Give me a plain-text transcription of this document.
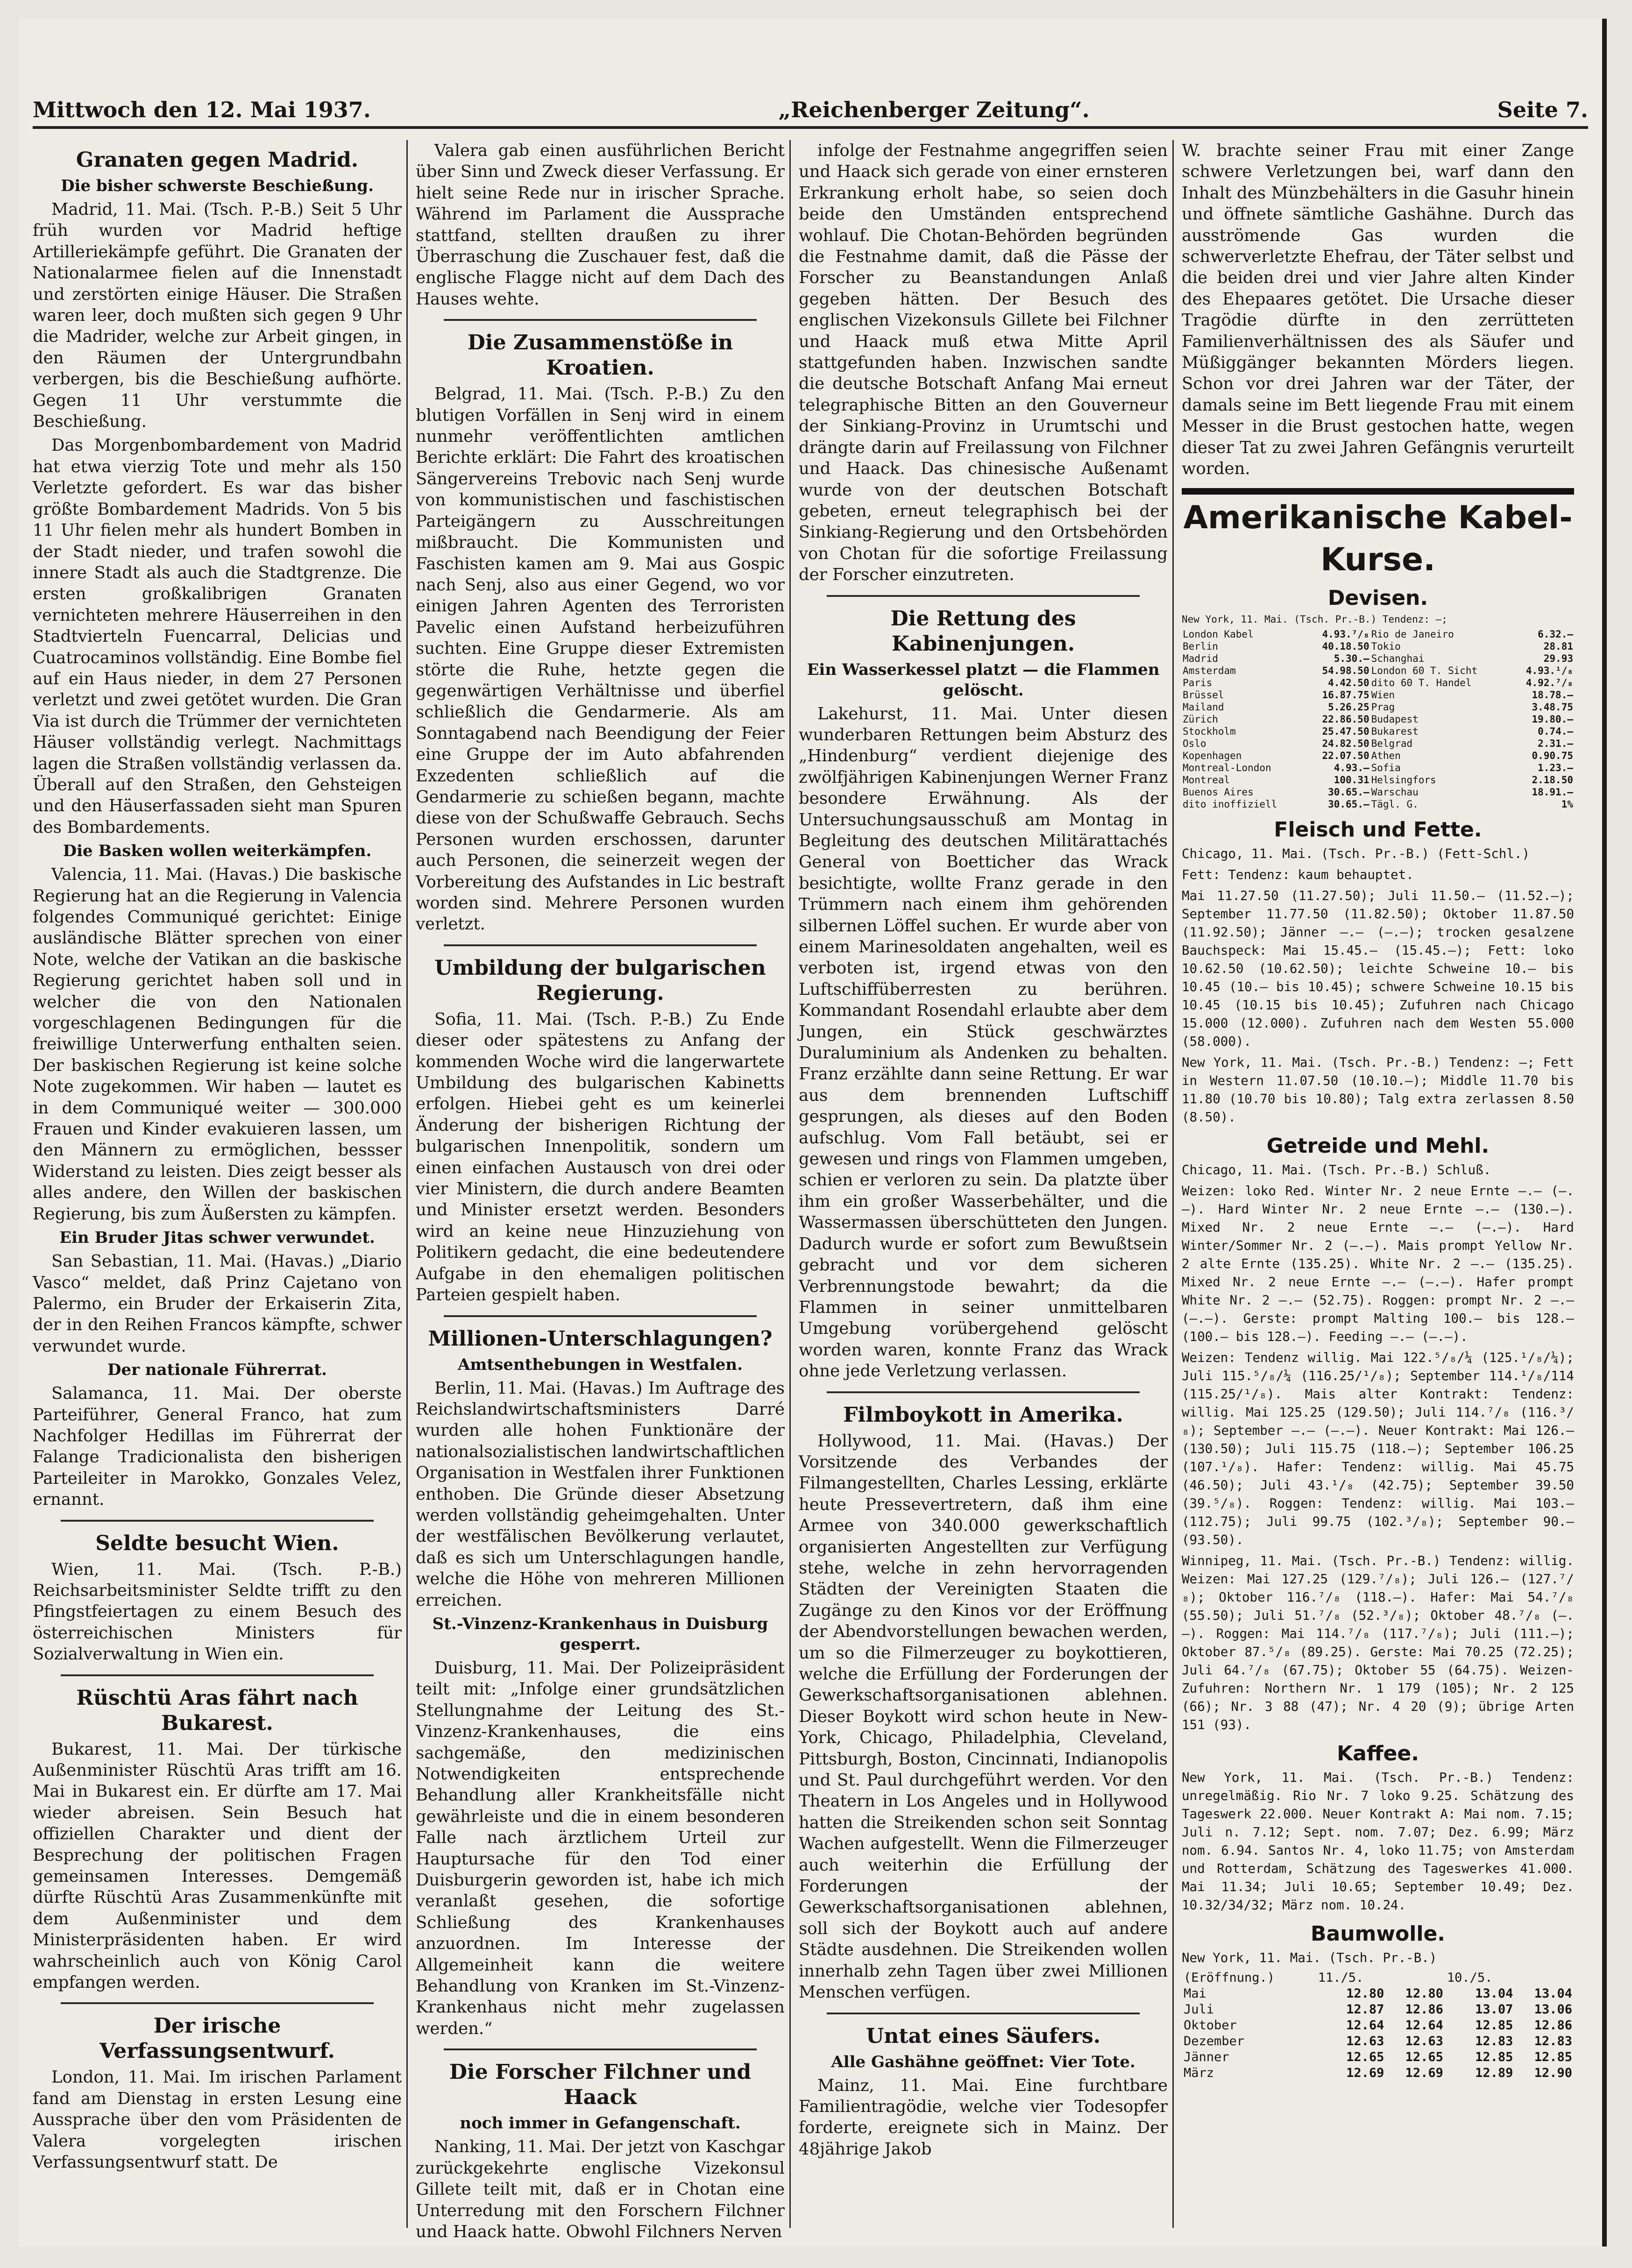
Mittwoch den 12. Mai 1937.	„Reichenberger Zeitung“.	Seite 7.
Granaten gegen Madrid.
Die bisher schwerste Beschießung.

Madrid, 11. Mai. (Tsch. P.-B.) Seit 5 Uhr früh wurden vor Madrid heftige Artilleriekämpfe geführt. Die Granaten der Nationalarmee fielen auf die Innenstadt und zerstörten einige Häuser. Die Straßen waren leer, doch mußten sich gegen 9 Uhr die Madrider, welche zur Arbeit gingen, in den Räumen der Untergrundbahn verbergen, bis die Beschießung aufhörte. Gegen 11 Uhr verstummte die Beschießung.

Das Morgenbombardement von Madrid hat etwa vierzig Tote und mehr als 150 Verletzte gefordert. Es war das bisher größte Bombardement Madrids. Von 5 bis 11 Uhr fielen mehr als hundert Bomben in der Stadt nieder, und trafen sowohl die innere Stadt als auch die Stadtgrenze. Die ersten großkalibrigen Granaten vernichteten mehrere Häuserreihen in den Stadtvierteln Fuencarral, Delicias und Cuatrocaminos vollständig. Eine Bombe fiel auf ein Haus nieder, in dem 27 Personen verletzt und zwei getötet wurden. Die Gran Via ist durch die Trümmer der vernichteten Häuser vollständig verlegt. Nachmittags lagen die Straßen vollständig verlassen da. Überall auf den Straßen, den Gehsteigen und den Häuserfassaden sieht man Spuren des Bombardements.

Die Basken wollen weiterkämpfen.

Valencia, 11. Mai. (Havas.) Die baskische Regierung hat an die Regierung in Valencia folgendes Communiqué gerichtet: Einige ausländische Blätter sprechen von einer Note, welche der Vatikan an die baskische Regierung gerichtet haben soll und in welcher die von den Nationalen vorgeschlagenen Bedingungen für die freiwillige Unterwerfung enthalten seien. Der baskischen Regierung ist keine solche Note zugekommen. Wir haben — lautet es in dem Communiqué weiter — 300.000 Frauen und Kinder evakuieren lassen, um den Männern zu ermöglichen, bessser Widerstand zu leisten. Dies zeigt besser als alles andere, den Willen der baskischen Regierung, bis zum Äußersten zu kämpfen.

Ein Bruder Jitas schwer verwundet.

San Sebastian, 11. Mai. (Havas.) „Diario Vasco“ meldet, daß Prinz Cajetano von Palermo, ein Bruder der Erkaiserin Zita, der in den Reihen Francos kämpfte, schwer verwundet wurde.

Der nationale Führerrat.

Salamanca, 11. Mai. Der oberste Parteiführer, General Franco, hat zum Nachfolger Hedillas im Führerrat der Falange Tradicionalista den bisherigen Parteileiter in Marokko, Gonzales Velez, ernannt.

Seldte besucht Wien.

Wien, 11. Mai. (Tsch. P.-B.) Reichsarbeitsminister Seldte trifft zu den Pfingstfeiertagen zu einem Besuch des österreichischen Ministers für Sozialverwaltung in Wien ein.

Rüschtü Aras fährt nach Bukarest.

Bukarest, 11. Mai. Der türkische Außenminister Rüschtü Aras trifft am 16. Mai in Bukarest ein. Er dürfte am 17. Mai wieder abreisen. Sein Besuch hat offiziellen Charakter und dient der Besprechung der politischen Fragen gemeinsamen Interesses. Demgemäß dürfte Rüschtü Aras Zusammenkünfte mit dem Außenminister und dem Ministerpräsidenten haben. Er wird wahrscheinlich auch von König Carol empfangen werden.

Der irische Verfassungsentwurf.

London, 11. Mai. Im irischen Parlament fand am Dienstag in ersten Lesung eine Aussprache über den vom Präsidenten de Valera vorgelegten irischen Verfassungsentwurf statt. De

Valera gab einen ausführlichen Bericht über Sinn und Zweck dieser Verfassung. Er hielt seine Rede nur in irischer Sprache. Während im Parlament die Aussprache stattfand, stellten draußen zu ihrer Überraschung die Zuschauer fest, daß die englische Flagge nicht auf dem Dach des Hauses wehte.

Die Zusammenstöße in Kroatien.

Belgrad, 11. Mai. (Tsch. P.-B.) Zu den blutigen Vorfällen in Senj wird in einem nunmehr veröffentlichten amtlichen Berichte erklärt: Die Fahrt des kroatischen Sängervereins Trebovic nach Senj wurde von kommunistischen und faschistischen Parteigängern zu Ausschreitungen mißbraucht. Die Kommunisten und Faschisten kamen am 9. Mai aus Gospic nach Senj, also aus einer Gegend, wo vor einigen Jahren Agenten des Terroristen Pavelic einen Aufstand herbeizuführen suchten. Eine Gruppe dieser Extremisten störte die Ruhe, hetzte gegen die gegenwärtigen Verhältnisse und überfiel schließlich die Gendarmerie. Als am Sonntagabend nach Beendigung der Feier eine Gruppe der im Auto abfahrenden Exzedenten schließlich auf die Gendarmerie zu schießen begann, machte diese von der Schußwaffe Gebrauch. Sechs Personen wurden erschossen, darunter auch Personen, die seinerzeit wegen der Vorbereitung des Aufstandes in Lic bestraft worden sind. Mehrere Personen wurden verletzt.

Umbildung der bulgarischen Regierung.

Sofia, 11. Mai. (Tsch. P.-B.) Zu Ende dieser oder spätestens zu Anfang der kommenden Woche wird die langerwartete Umbildung des bulgarischen Kabinetts erfolgen. Hiebei geht es um keinerlei Änderung der bisherigen Richtung der bulgarischen Innenpolitik, sondern um einen einfachen Austausch von drei oder vier Ministern, die durch andere Beamten und Minister ersetzt werden. Besonders wird an keine neue Hinzuziehung von Politikern gedacht, die eine bedeutendere Aufgabe in den ehemaligen politischen Parteien gespielt haben.

Millionen-Unterschlagungen?
Amtsenthebungen in Westfalen.

Berlin, 11. Mai. (Havas.) Im Auftrage des Reichslandwirtschaftsministers Darré wurden alle hohen Funktionäre der nationalsozialistischen landwirtschaftlichen Organisation in Westfalen ihrer Funktionen enthoben. Die Gründe dieser Absetzung werden vollständig geheimgehalten. Unter der westfälischen Bevölkerung verlautet, daß es sich um Unterschlagungen handle, welche die Höhe von mehreren Millionen erreichen.

St.-Vinzenz-Krankenhaus in Duisburg gesperrt.

Duisburg, 11. Mai. Der Polizeipräsident teilt mit: „Infolge einer grundsätzlichen Stellungnahme der Leitung des St.-Vinzenz-Krankenhauses, die eins sachgemäße, den medizinischen Notwendigkeiten entsprechende Behandlung aller Krankheitsfälle nicht gewährleiste und die in einem besonderen Falle nach ärztlichem Urteil zur Hauptursache für den Tod einer Duisburgerin geworden ist, habe ich mich veranlaßt gesehen, die sofortige Schließung des Krankenhauses anzuordnen. Im Interesse der Allgemeinheit kann die weitere Behandlung von Kranken im St.-Vinzenz-Krankenhaus nicht mehr zugelassen werden.“

Die Forscher Filchner und Haack
noch immer in Gefangenschaft.

Nanking, 11. Mai. Der jetzt von Kaschgar zurückgekehrte englische Vizekonsul Gillete teilt mit, daß er in Chotan eine Unterredung mit den Forschern Filchner und Haack hatte. Obwohl Filchners Nerven

infolge der Festnahme angegriffen seien und Haack sich gerade von einer ernsteren Erkrankung erholt habe, so seien doch beide den Umständen entsprechend wohlauf. Die Chotan-Behörden begründen die Festnahme damit, daß die Pässe der Forscher zu Beanstandungen Anlaß gegeben hätten. Der Besuch des englischen Vizekonsuls Gillete bei Filchner und Haack muß etwa Mitte April stattgefunden haben. Inzwischen sandte die deutsche Botschaft Anfang Mai erneut telegraphische Bitten an den Gouverneur der Sinkiang-Provinz in Urumtschi und drängte darin auf Freilassung von Filchner und Haack. Das chinesische Außenamt wurde von der deutschen Botschaft gebeten, erneut telegraphisch bei der Sinkiang-Regierung und den Ortsbehörden von Chotan für die sofortige Freilassung der Forscher einzutreten.

Die Rettung des Kabinenjungen.
Ein Wasserkessel platzt — die Flammen gelöscht.

Lakehurst, 11. Mai. Unter diesen wunderbaren Rettungen beim Absturz des „Hindenburg“ verdient diejenige des zwölfjährigen Kabinenjungen Werner Franz besondere Erwähnung. Als der Untersuchungsausschuß am Montag in Begleitung des deutschen Militärattachés General von Boetticher das Wrack besichtigte, wollte Franz gerade in den Trümmern nach einem ihm gehörenden silbernen Löffel suchen. Er wurde aber von einem Marinesoldaten angehalten, weil es verboten ist, irgend etwas von den Luftschiffüberresten zu berühren. Kommandant Rosendahl erlaubte aber dem Jungen, ein Stück geschwärztes Duraluminium als Andenken zu behalten. Franz erzählte dann seine Rettung. Er war aus dem brennenden Luftschiff gesprungen, als dieses auf den Boden aufschlug. Vom Fall betäubt, sei er gewesen und rings von Flammen umgeben, schien er verloren zu sein. Da platzte über ihm ein großer Wasserbehälter, und die Wassermassen überschütteten den Jungen. Dadurch wurde er sofort zum Bewußtsein gebracht und vor dem sicheren Verbrennungstode bewahrt; da die Flammen in seiner unmittelbaren Umgebung vorübergehend gelöscht worden waren, konnte Franz das Wrack ohne jede Verletzung verlassen.

Filmboykott in Amerika.

Hollywood, 11. Mai. (Havas.) Der Vorsitzende des Verbandes der Filmangestellten, Charles Lessing, erklärte heute Pressevertretern, daß ihm eine Armee von 340.000 gewerkschaftlich organisierten Angestellten zur Verfügung stehe, welche in zehn hervorragenden Städten der Vereinigten Staaten die Zugänge zu den Kinos vor der Eröffnung der Abendvorstellungen bewachen werden, um so die Filmerzeuger zu boykottieren, welche die Erfüllung der Forderungen der Gewerkschaftsorganisationen ablehnen. Dieser Boykott wird schon heute in New-York, Chicago, Philadelphia, Cleveland, Pittsburgh, Boston, Cincinnati, Indianopolis und St. Paul durchgeführt werden. Vor den Theatern in Los Angeles und in Hollywood hatten die Streikenden schon seit Sonntag Wachen aufgestellt. Wenn die Filmerzeuger auch weiterhin die Erfüllung der Forderungen der Gewerkschaftsorganisationen ablehnen, soll sich der Boykott auch auf andere Städte ausdehnen. Die Streikenden wollen innerhalb zehn Tagen über zwei Millionen Menschen verfügen.

Untat eines Säufers.
Alle Gashähne geöffnet: Vier Tote.

Mainz, 11. Mai. Eine furchtbare Familientragödie, welche vier Todesopfer forderte, ereignete sich in Mainz. Der 48jährige Jakob

W. brachte seiner Frau mit einer Zange schwere Verletzungen bei, warf dann den Inhalt des Münzbehälters in die Gasuhr hinein und öffnete sämtliche Gashähne. Durch das ausströmende Gas wurden die schwerverletzte Ehefrau, der Täter selbst und die beiden drei und vier Jahre alten Kinder des Ehepaares getötet. Die Ursache dieser Tragödie dürfte in den zerrütteten Familienverhältnissen des als Säufer und Müßiggänger bekannten Mörders liegen. Schon vor drei Jahren war der Täter, der damals seine im Bett liegende Frau mit einem Messer in die Brust gestochen hatte, wegen dieser Tat zu zwei Jahren Gefängnis verurteilt worden.

Amerikanische Kabel-
Kurse.
Devisen.
New York, 11. Mai. (Tsch. Pr.-B.) Tendenz: —;
London Kabel	4.93.⁷/₈	Rio de Janeiro	6.32.—
Berlin	40.18.50	Tokio	28.81
Madrid	5.30.—	Schanghai	29.93
Amsterdam	54.98.50	London 60 T. Sicht	4.93.¹/₈
Paris	4.42.50	dito 60 T. Handel	4.92.⁷/₈
Brüssel	16.87.75	Wien	18.78.—
Mailand	5.26.25	Prag	3.48.75
Zürich	22.86.50	Budapest	19.80.—
Stockholm	25.47.50	Bukarest	0.74.—
Oslo	24.82.50	Belgrad	2.31.—
Kopenhagen	22.07.50	Athen	0.90.75
Montreal-London	4.93.—	Sofia	1.23.—
Montreal	100.31	Helsingfors	2.18.50
Buenos Aires	30.65.—	Warschau	18.91.—
dito inoffiziell	30.65.—	Tägl. G.	1%
Fleisch und Fette.

Chicago, 11. Mai. (Tsch. Pr.-B.) (Fett-Schl.)

Fett: Tendenz: kaum behauptet.

Mai 11.27.50 (11.27.50); Juli 11.50.— (11.52.—); September 11.77.50 (11.82.50); Oktober 11.87.50 (11.92.50); Jänner —.— (—.—); trocken gesalzene Bauchspeck: Mai 15.45.— (15.45.—); Fett: loko 10.62.50 (10.62.50); leichte Schweine 10.— bis 10.45 (10.— bis 10.45); schwere Schweine 10.15 bis 10.45 (10.15 bis 10.45); Zufuhren nach Chicago 15.000 (12.000). Zufuhren nach dem Westen 55.000 (58.000).

New York, 11. Mai. (Tsch. Pr.-B.) Tendenz: —; Fett in Western 11.07.50 (10.10.—); Middle 11.70 bis 11.80 (10.70 bis 10.80); Talg extra zerlassen 8.50 (8.50).

Getreide und Mehl.

Chicago, 11. Mai. (Tsch. Pr.-B.) Schluß.

Weizen: loko Red. Winter Nr. 2 neue Ernte —.— (—.—). Hard Winter Nr. 2 neue Ernte —.— (130.—). Mixed Nr. 2 neue Ernte —.— (—.—). Hard Winter/Sommer Nr. 2 (—.—). Mais prompt Yellow Nr. 2 alte Ernte (135.25). White Nr. 2 —.— (135.25). Mixed Nr. 2 neue Ernte —.— (—.—). Hafer prompt White Nr. 2 —.— (52.75). Roggen: prompt Nr. 2 —.— (—.—). Gerste: prompt Malting 100.— bis 128.— (100.— bis 128.—). Feeding —.— (—.—).

Weizen: Tendenz willig. Mai 122.⁵/₈/¼ (125.¹/₈/¼); Juli 115.⁵/₈/¼ (116.25/¹/₈); September 114.¹/₈/114 (115.25/¹/₈). Mais alter Kontrakt: Tendenz: willig. Mai 125.25 (129.50); Juli 114.⁷/₈ (116.³/₈); September —.— (—.—). Neuer Kontrakt: Mai 126.— (130.50); Juli 115.75 (118.—); September 106.25 (107.¹/₈). Hafer: Tendenz: willig. Mai 45.75 (46.50); Juli 43.¹/₈ (42.75); September 39.50 (39.⁵/₈). Roggen: Tendenz: willig. Mai 103.— (112.75); Juli 99.75 (102.³/₈); September 90.— (93.50).

Winnipeg, 11. Mai. (Tsch. Pr.-B.) Tendenz: willig. Weizen: Mai 127.25 (129.⁷/₈); Juli 126.— (127.⁷/₈); Oktober 116.⁷/₈ (118.—). Hafer: Mai 54.⁷/₈ (55.50); Juli 51.⁷/₈ (52.³/₈); Oktober 48.⁷/₈ (—.—). Roggen: Mai 114.⁷/₈ (117.⁷/₈); Juli (111.—); Oktober 87.⁵/₈ (89.25). Gerste: Mai 70.25 (72.25); Juli 64.⁷/₈ (67.75); Oktober 55 (64.75). Weizen-Zufuhren: Northern Nr. 1 179 (105); Nr. 2 125 (66); Nr. 3 88 (47); Nr. 4 20 (9); übrige Arten 151 (93).

Kaffee.

New York, 11. Mai. (Tsch. Pr.-B.) Tendenz: unregelmäßig. Rio Nr. 7 loko 9.25. Schätzung des Tageswerk 22.000. Neuer Kontrakt A: Mai nom. 7.15; Juli n. 7.12; Sept. nom. 7.07; Dez. 6.99; März nom. 6.94. Santos Nr. 4, loko 11.75; von Amsterdam und Rotterdam, Schätzung des Tageswerkes 41.000. Mai 11.34; Juli 10.65; September 10.49; Dez. 10.32/34/32; März nom. 10.24.

Baumwolle.
New York, 11. Mai. (Tsch. Pr.-B.)
(Eröffnung.)	11./5.		10./5.	
Mai	12.80	12.80	13.04	13.04
Juli	12.87	12.86	13.07	13.06
Oktober	12.64	12.64	12.85	12.86
Dezember	12.63	12.63	12.83	12.83
Jänner	12.65	12.65	12.85	12.85
März	12.69	12.69	12.89	12.90
